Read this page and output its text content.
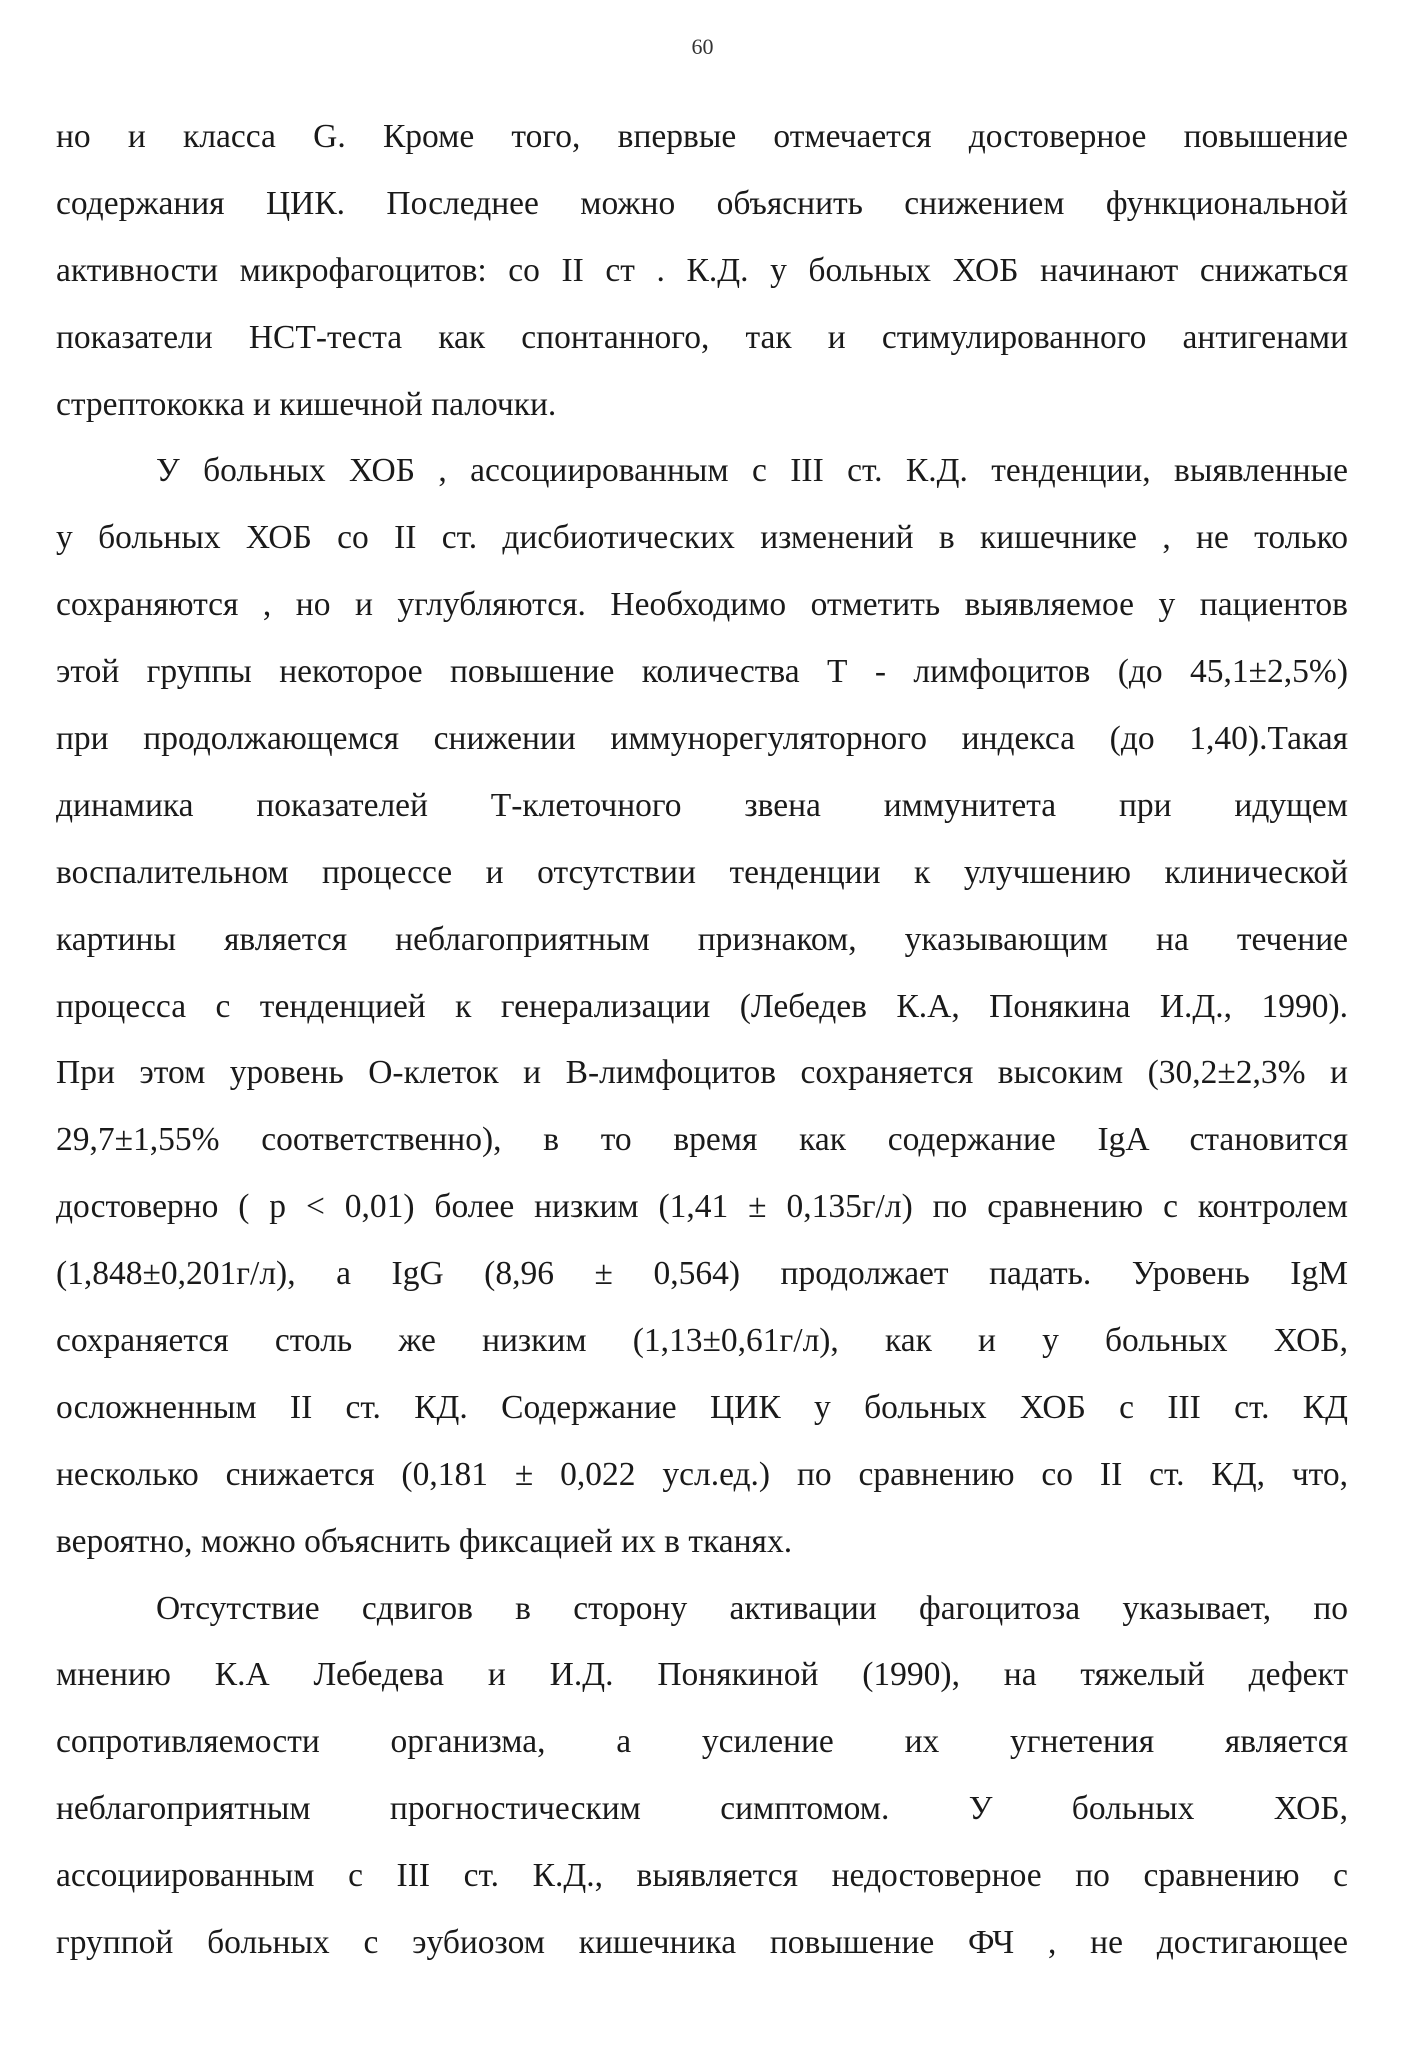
60
но и класса G. Кроме того, впервые отмечается достоверное повышение
содержания ЦИК. Последнее можно объяснить снижением функциональной
активности микрофагоцитов: со II ст . К.Д. у больных ХОБ начинают снижаться
показатели НСТ-теста как спонтанного, так и стимулированного антигенами
стрептококка и кишечной палочки.
У больных ХОБ , ассоциированным с III ст. К.Д. тенденции, выявленные
у больных ХОБ со II ст. дисбиотических изменений в кишечнике , не только
сохраняются , но и углубляются. Необходимо отметить выявляемое у пациентов
этой группы некоторое повышение количества Т - лимфоцитов (до 45,1±2,5%)
при продолжающемся снижении иммунорегуляторного индекса (до 1,40).Такая
динамика показателей Т-клеточного звена иммунитета при идущем
воспалительном процессе и отсутствии тенденции к улучшению клинической
картины является неблагоприятным признаком, указывающим на течение
процесса с тенденцией к генерализации (Лебедев К.А, Понякина И.Д., 1990).
При этом уровень О-клеток и В-лимфоцитов сохраняется высоким (30,2±2,3% и
29,7±1,55% соответственно), в то время как содержание IgA становится
достоверно ( р < 0,01) более низким (1,41 ± 0,135г/л) по сравнению с контролем
(1,848±0,201г/л), а IgG (8,96 ± 0,564) продолжает падать. Уровень IgM
сохраняется столь же низким (1,13±0,61г/л), как и у больных ХОБ,
осложненным II ст. КД. Содержание ЦИК у больных ХОБ с III ст. КД
несколько снижается (0,181 ± 0,022 усл.ед.) по сравнению со II ст. КД, что,
вероятно, можно объяснить фиксацией их в тканях.
Отсутствие сдвигов в сторону активации фагоцитоза указывает, по
мнению К.А Лебедева и И.Д. Понякиной (1990), на тяжелый дефект
сопротивляемости организма, а усиление их угнетения является
неблагоприятным прогностическим симптомом. У больных ХОБ,
ассоциированным с III ст. К.Д., выявляется недостоверное по сравнению с
группой больных с эубиозом кишечника повышение ФЧ , не достигающее
